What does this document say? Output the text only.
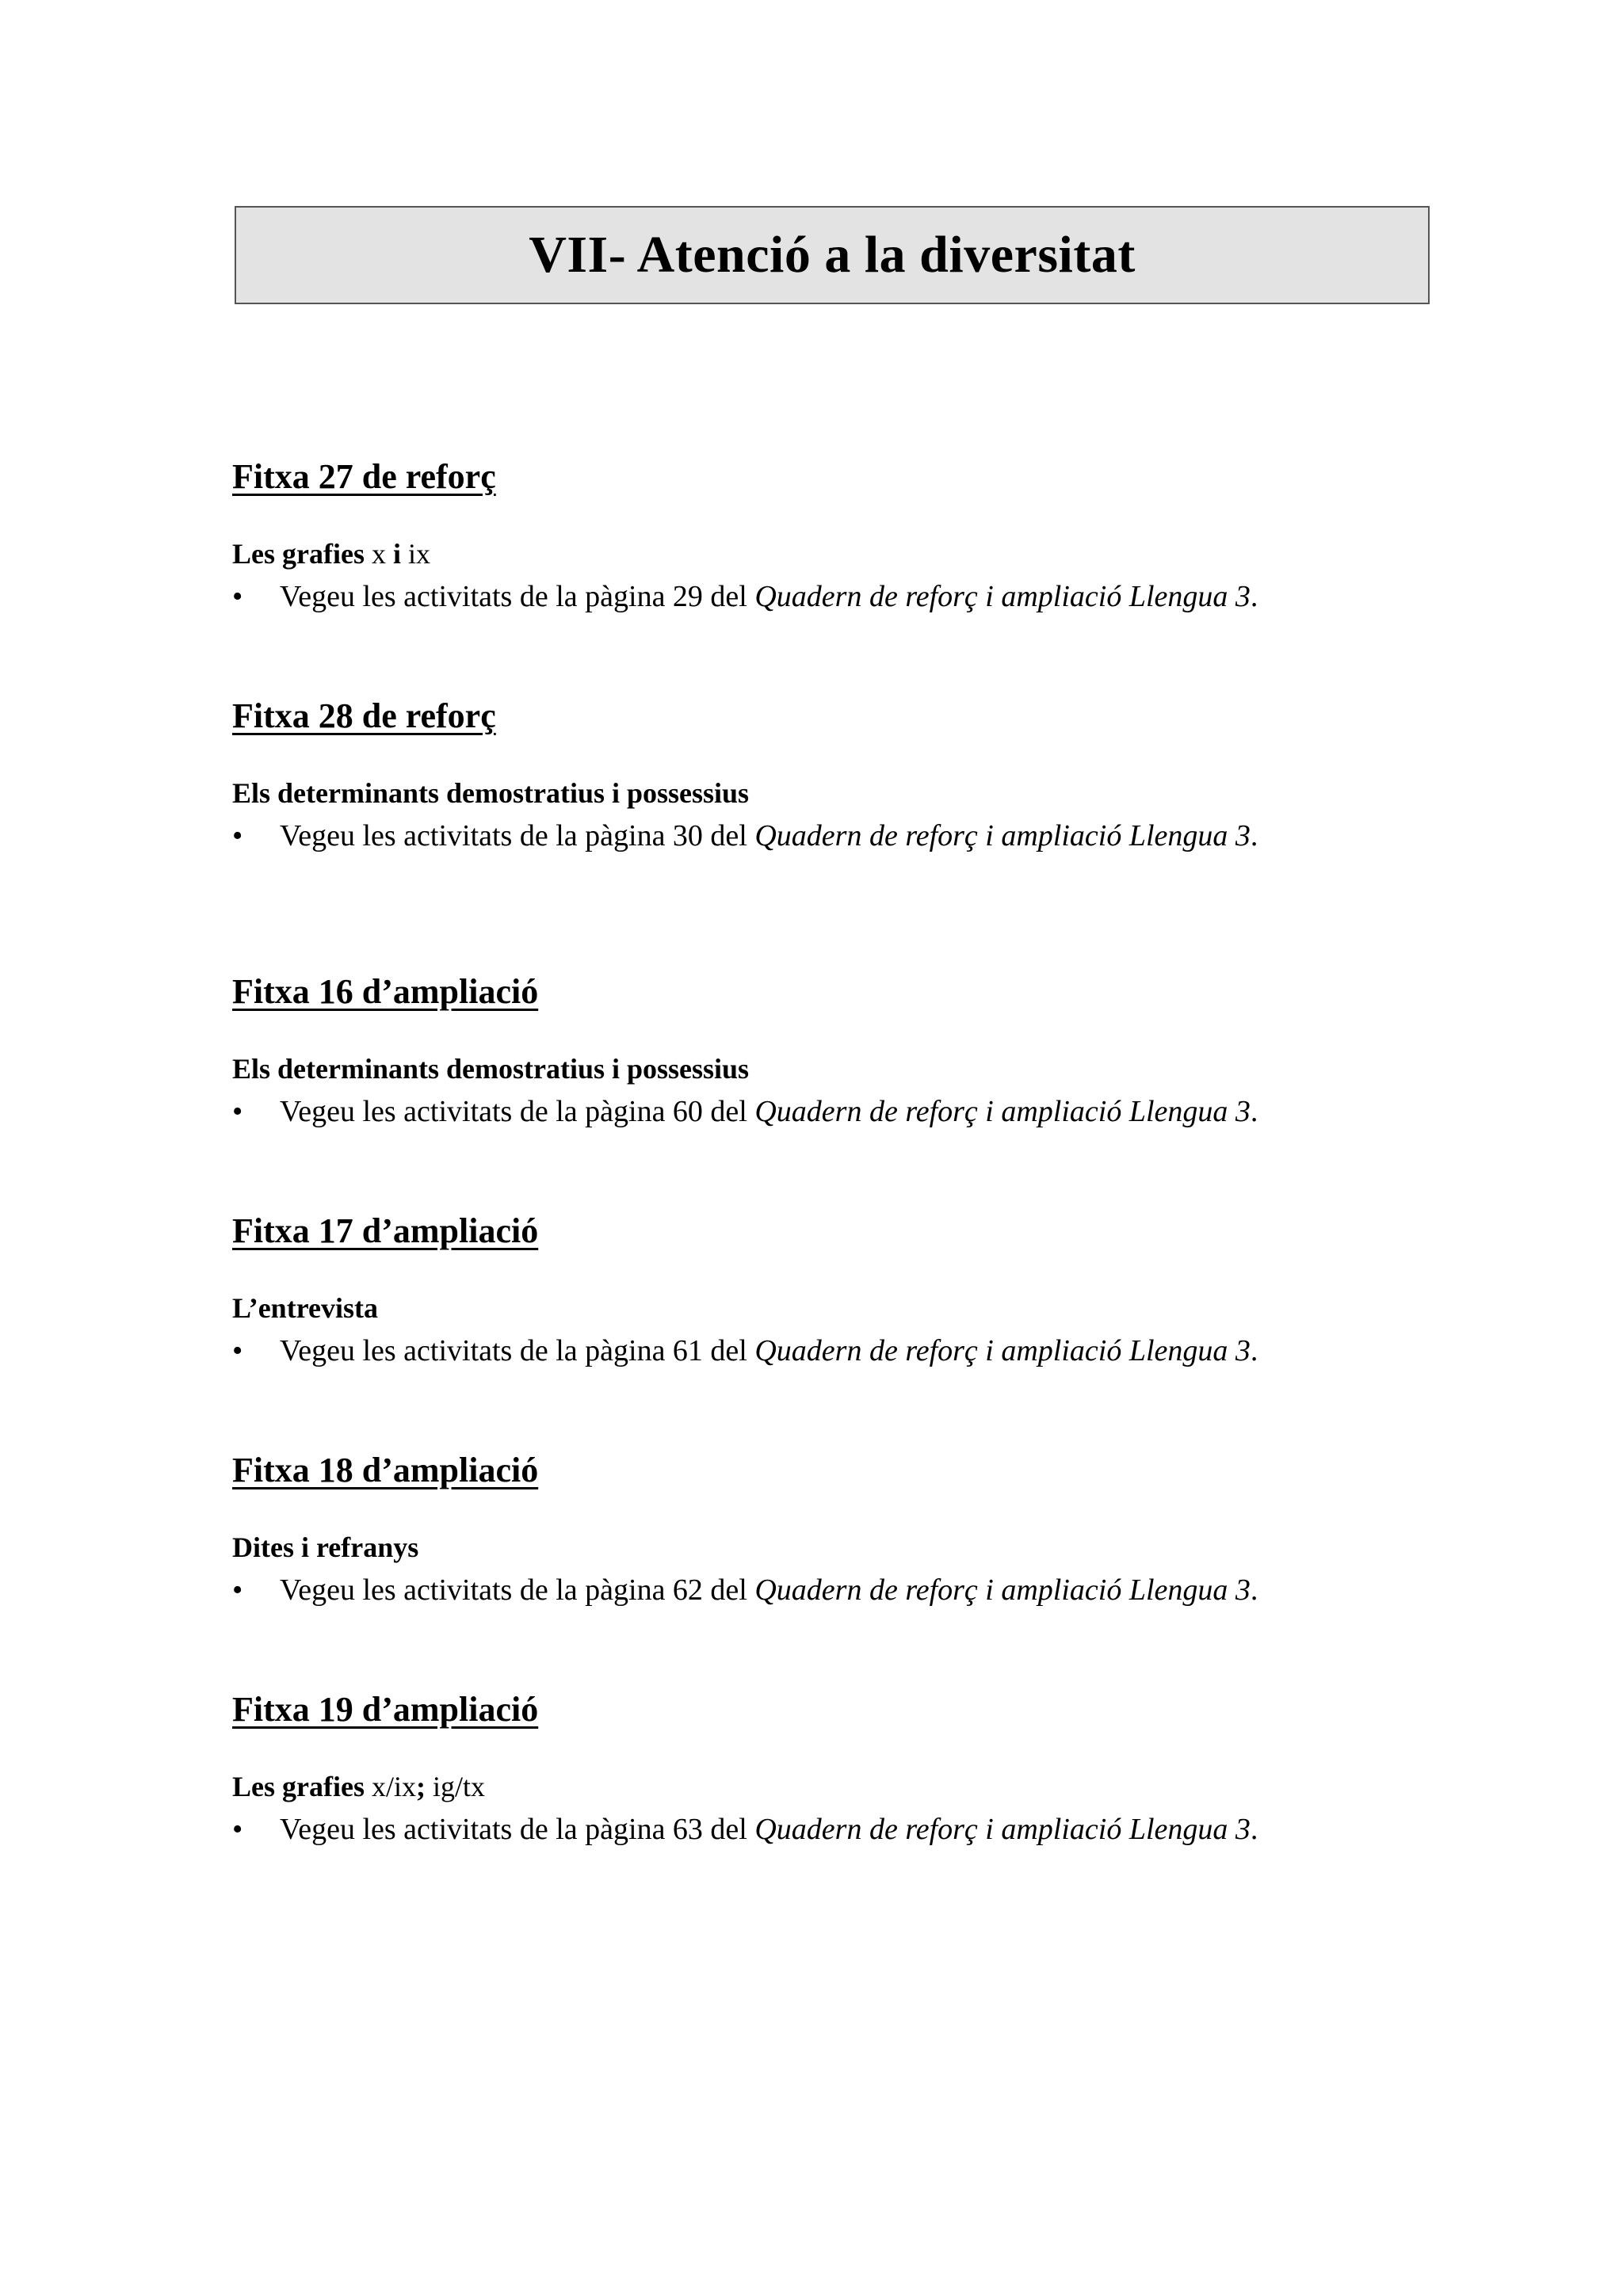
VII- Atenció a la diversitat
Fitxa 27 de reforç
Les grafies x i ix
• Vegeu les activitats de la pàgina 29 del Quadern de reforç i ampliació Llengua 3.
Fitxa 28 de reforç
Els determinants demostratius i possessius
• Vegeu les activitats de la pàgina 30 del Quadern de reforç i ampliació Llengua 3.
Fitxa 16 d’ampliació
Els determinants demostratius i possessius
• Vegeu les activitats de la pàgina 60 del Quadern de reforç i ampliació Llengua 3.
Fitxa 17 d’ampliació
L’entrevista
• Vegeu les activitats de la pàgina 61 del Quadern de reforç i ampliació Llengua 3.
Fitxa 18 d’ampliació
Dites i refranys
• Vegeu les activitats de la pàgina 62 del Quadern de reforç i ampliació Llengua 3.
Fitxa 19 d’ampliació
Les grafies x/ix; ig/tx
• Vegeu les activitats de la pàgina 63 del Quadern de reforç i ampliació Llengua 3.
